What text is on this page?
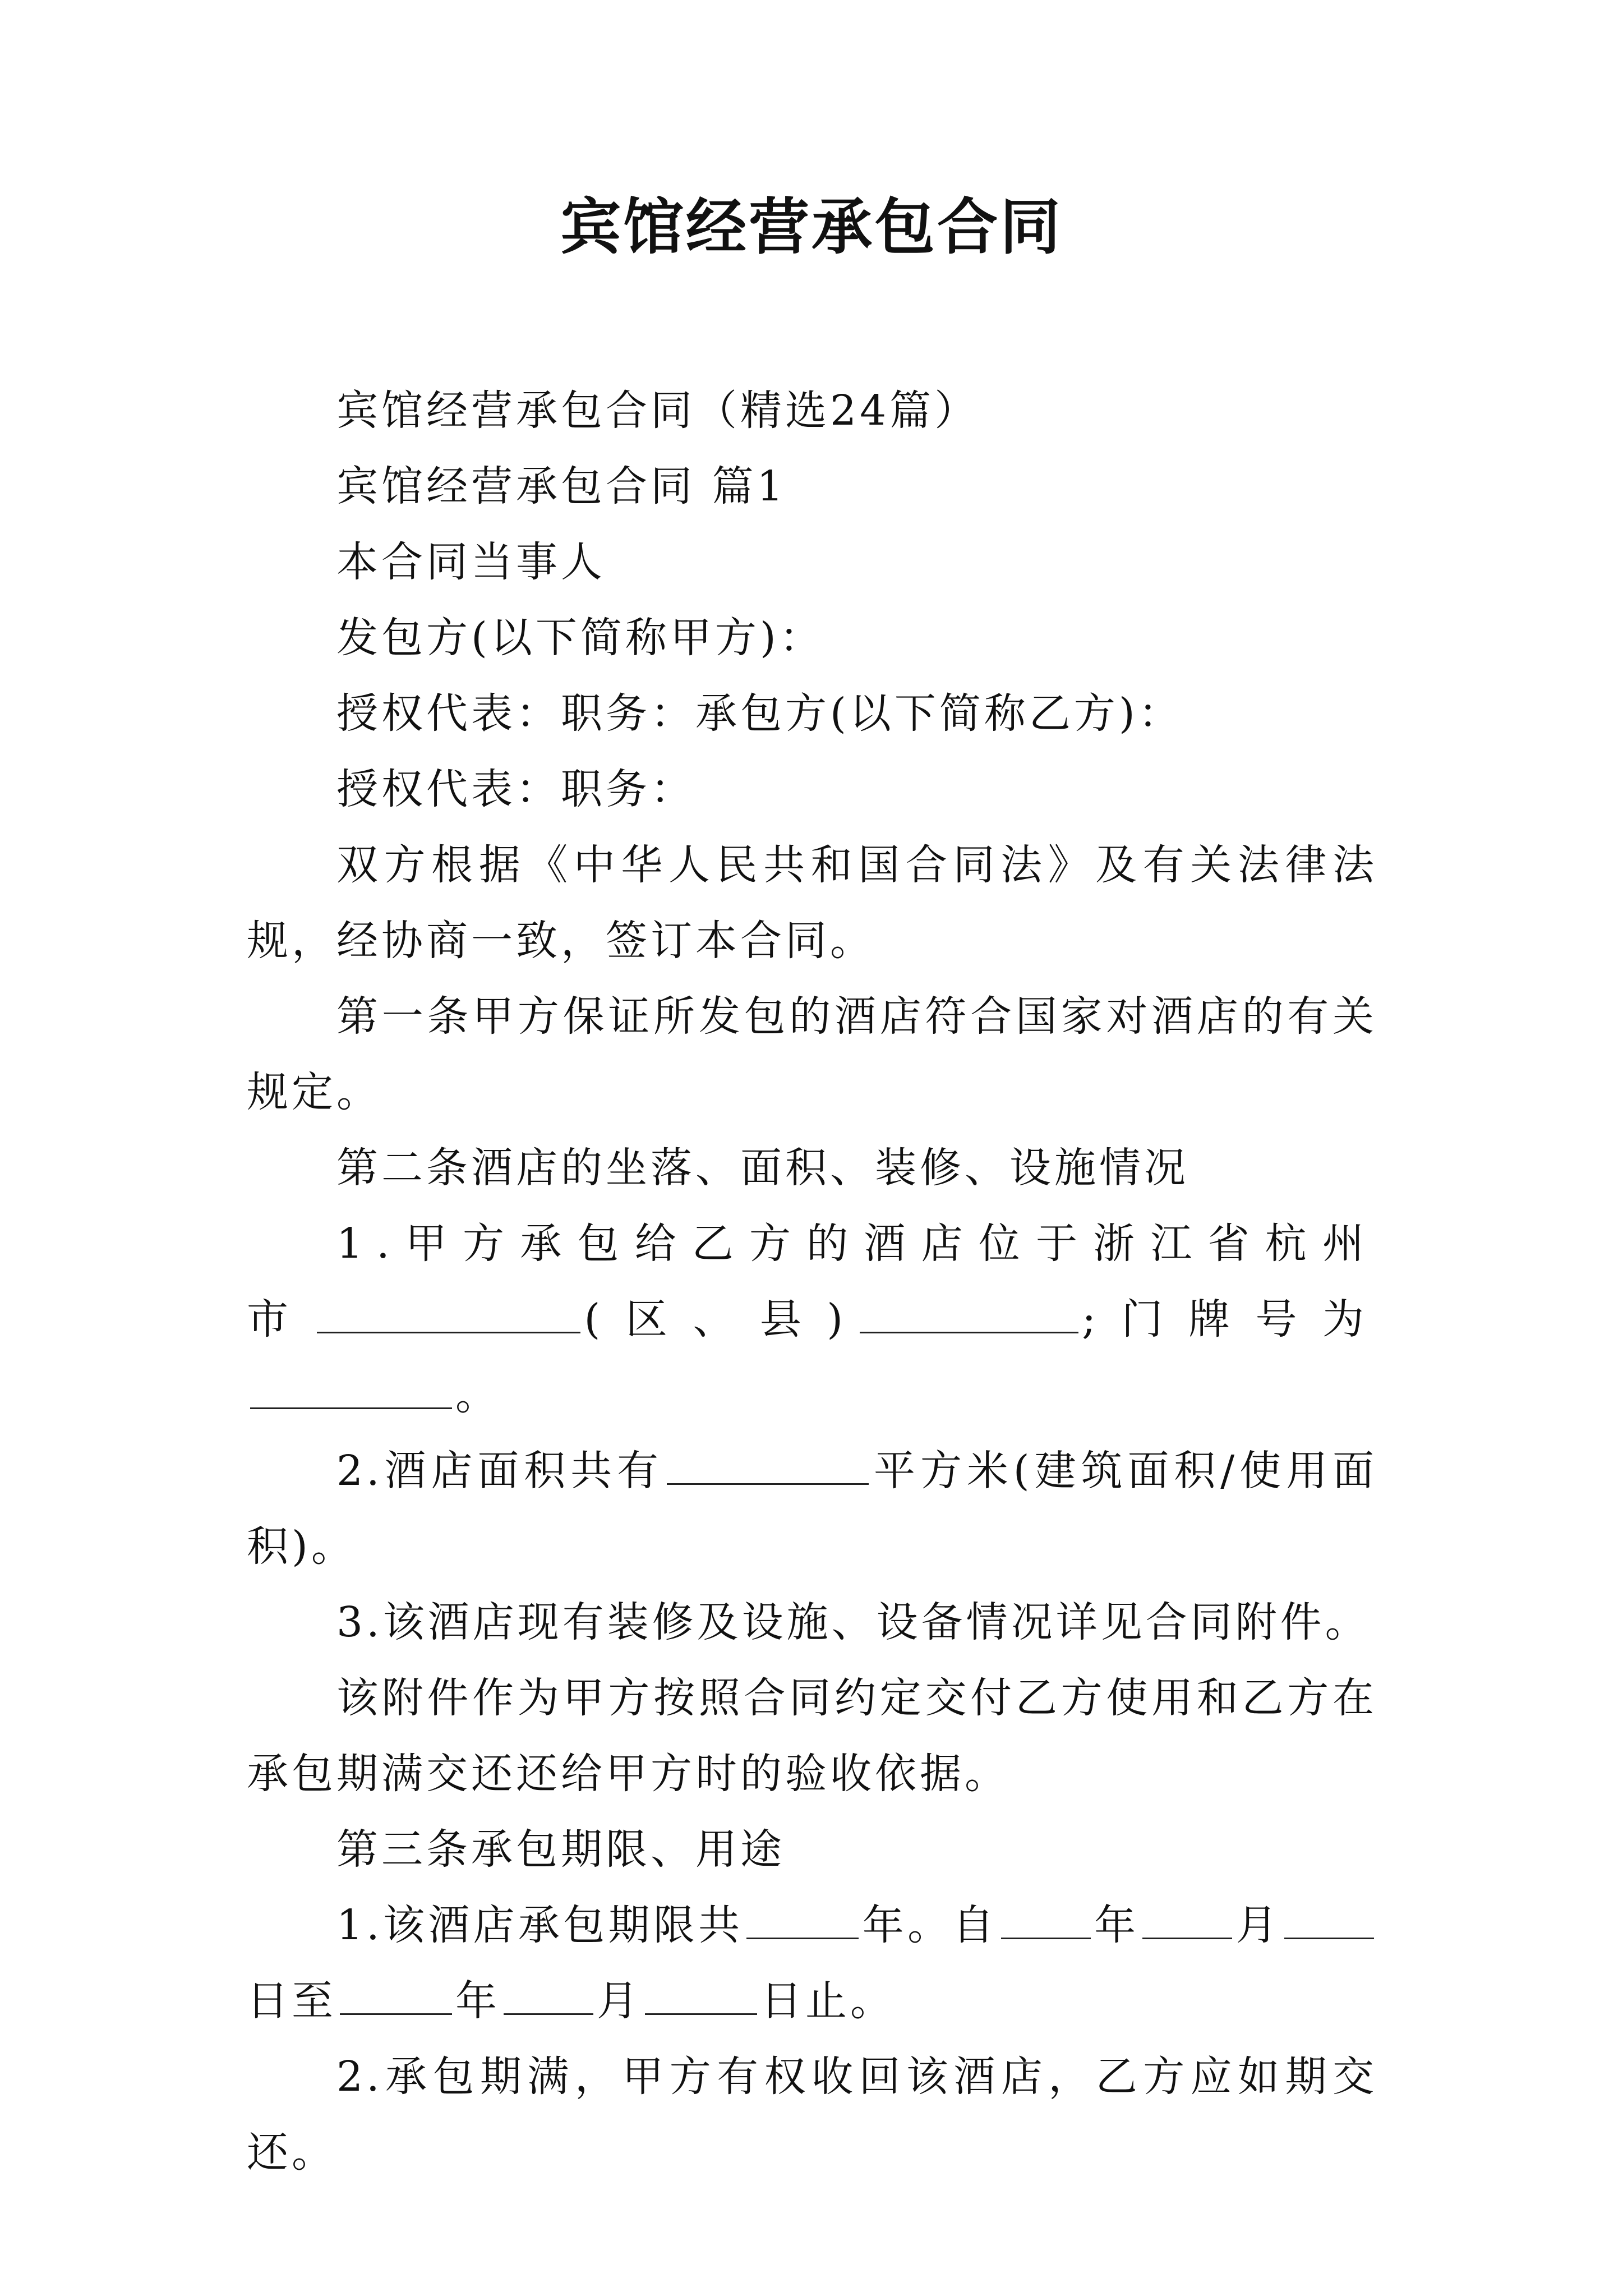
宾馆经营承包合同

宾馆经营承包合同（精选24篇）

宾馆经营承包合同 篇1

本合同当事人

发包方(以下简称甲方)：

授权代表：职务：承包方(以下简称乙方)：

授权代表：职务：

双方根据《中华人民共和国合同法》及有关法律法规，经协商一致，签订本合同。

第一条甲方保证所发包的酒店符合国家对酒店的有关规定。

第二条酒店的坐落、面积、装修、设施情况

1.甲方承包给乙方的酒店位于浙江省杭州市	(区、县)	;门牌号为。

2.酒店面积共有	平方米(建筑面积/使用面积)。

3.该酒店现有装修及设施、设备情况详见合同附件。

该附件作为甲方按照合同约定交付乙方使用和乙方在承包期满交还还给甲方时的验收依据。

第三条承包期限、用途

1.该酒店承包期限共	年。自 年 月日至	年 月	日止。

2.承包期满，甲方有权收回该酒店，乙方应如期交还。
